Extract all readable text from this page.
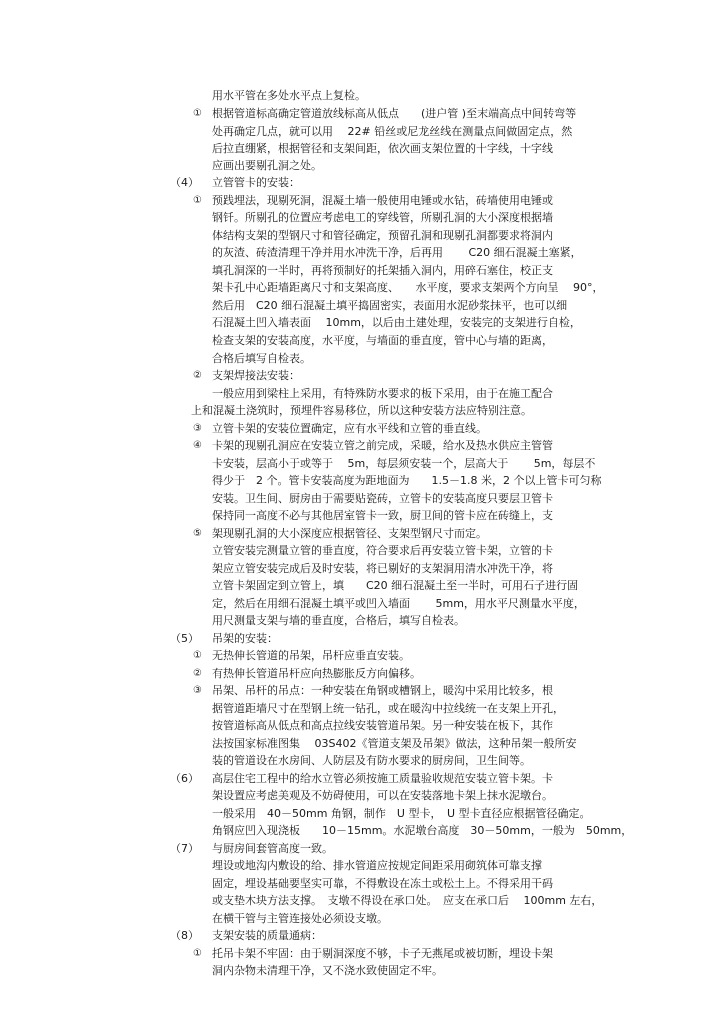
用水平管在多处水平点上复检。
根据管道标高确定管道放线标高从低点　　(进户管 )至末端高点中间转弯等
处再确定几点，就可以用　 22# 铅丝或尼龙丝线在测量点间做固定点，然
后拉直绷紧，根据管径和支架间距，依次画支架位置的十字线，十字线
应画出要剔孔洞之处。
立管管卡的安装：
预践埋法，现剔死洞，混凝土墙一般使用电锤或水钻，砖墙使用电锤或
钢钎。所剔孔的位置应考虑电工的穿线管，所剔孔洞的大小深度根据墙
体结构支架的型钢尺寸和管径确定，预留孔洞和现剔孔洞都要求将洞内
的灰渣、砖渣清理干净并用水冲洗干净，后再用　　 C20 细石混凝土塞紧，
填孔洞深的一半时，再将预制好的托架插入洞内，用碎石塞住，校正支
架卡孔中心距墙距离尺寸和支架高度、　　水平度，要求支架两个方向呈　 90°，
然后用　C20 细石混凝土填平捣固密实，表面用水泥砂浆抹平，也可以细
石混凝土凹入墙表面　 10mm，以后由土建处理，安装完的支架进行自检，
检查支架的安装高度，水平度，与墙面的垂直度，管中心与墙的距离，
合格后填写自检表。
支架焊接法安装：
一般应用到梁柱上采用，有特殊防水要求的板下采用，由于在施工配合
上和混凝土浇筑时，预埋件容易移位，所以这种安装方法应特别注意。
立管卡架的安装位置确定，应有水平线和立管的垂直线。
卡架的现剔孔洞应在安装立管之前完成，采暖，给水及热水供应主管管
卡安装，层高小于或等于　 5m，每层须安装一个，层高大于　　 5m，每层不
得少于　2 个。管卡安装高度为距地面为　　1.5－1.8 米，2 个以上管卡可匀称
安装。卫生间、厨房由于需要贴瓷砖，立管卡的安装高度只要层卫管卡
保持同一高度不必与其他居室管卡一致，厨卫间的管卡应在砖缝上，支
架现剔孔洞的大小深度应根据管径、支架型钢尺寸而定。
立管安装完测量立管的垂直度，符合要求后再安装立管卡架，立管的卡
架应立管安装完成后及时安装，将已剔好的支架洞用清水冲洗干净，将
立管卡架固定到立管上，填　　C20 细石混凝土至一半时，可用石子进行固
定，然后在用细石混凝土填平或凹入墙面　　 5mm，用水平尺测量水平度，
用尺测量支架与墙的垂直度，合格后，填写自检表。
吊架的安装：
无热伸长管道的吊架，吊杆应垂直安装。
有热伸长管道吊杆应向热膨胀反方向偏移。
吊架、吊杆的吊点：一种安装在角钢或槽钢上，暖沟中采用比较多，根
据管道距墙尺寸在型钢上统一钻孔，或在暖沟中拉线统一在支架上开孔，
按管道标高从低点和高点拉线安装管道吊架。另一种安装在板下，其作
法按国家标准图集　 03S402《管道支架及吊架》做法，这种吊架一般所安
装的管道设在水房间、人防层及有防水要求的厨房间，卫生间等。
高层住宅工程中的给水立管必须按施工质量验收规范安装立管卡架。卡
架设置应考虑美观及不妨碍使用，可以在安装落地卡架上抹水泥墩台。
一般采用　40－50mm 角钢，制作　U 型卡，　U 型卡直径应根据管径确定。
角钢应凹入现浇板　　10－15mm。水泥墩台高度　30－50mm，一般为　50mm，
与厨房间套管高度一致。
埋设或地沟内敷设的给、排水管道应按规定间距采用砌筑体可靠支撑
固定，埋设基础要坚实可靠，不得敷设在冻土或松土上。不得采用干码
或支垫木块方法支撑。　支墩不得设在承口处。　应支在承口后　 100mm 左右，
在横干管与主管连接处必须设支墩。
支架安装的质量通病：
托吊卡架不牢固：由于剔洞深度不够，卡子无燕尾或被切断，埋设卡架
洞内杂物未清理干净，又不浇水致使固定不牢。
（4）
（5）
（6）
（7）
（8）
①
①
②
③
④
⑤
①
②
③
①
